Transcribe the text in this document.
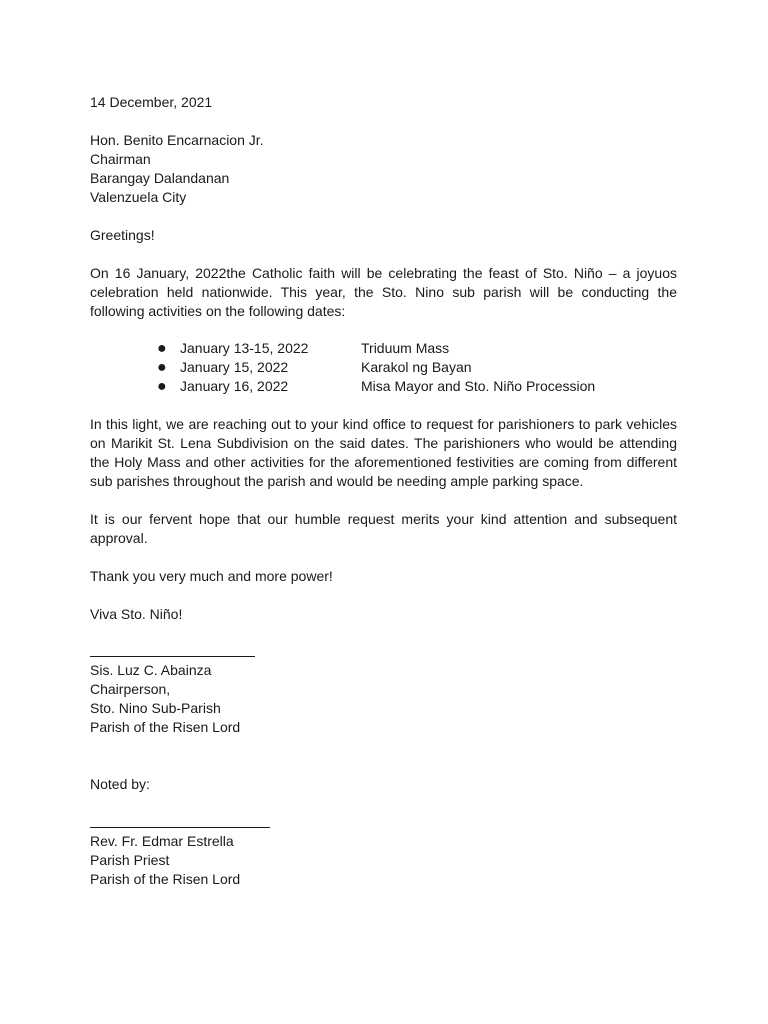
14 December, 2021
Hon. Benito Encarnacion Jr.
Chairman
Barangay Dalandanan
Valenzuela City
Greetings!
On 16 January, 2022the Catholic faith will be celebrating the feast of Sto. Niño – a joyuos celebration held nationwide. This year, the Sto. Nino sub parish will be conducting the following activities on the following dates:
● January 13-15, 2022	Triduum Mass
● January 15, 2022	Karakol ng Bayan
● January 16, 2022	Misa Mayor and Sto. Niño Procession
In this light, we are reaching out to your kind office to request for parishioners to park vehicles on Marikit St. Lena Subdivision on the said dates. The parishioners who would be attending the Holy Mass and other activities for the aforementioned festivities are coming from different sub parishes throughout the parish and would be needing ample parking space.
It is our fervent hope that our humble request merits your kind attention and subsequent approval.
Thank you very much and more power!
Viva Sto. Niño!
Sis. Luz C. Abainza
Chairperson,
Sto. Nino Sub-Parish
Parish of the Risen Lord
Noted by:
Rev. Fr. Edmar Estrella
Parish Priest
Parish of the Risen Lord
